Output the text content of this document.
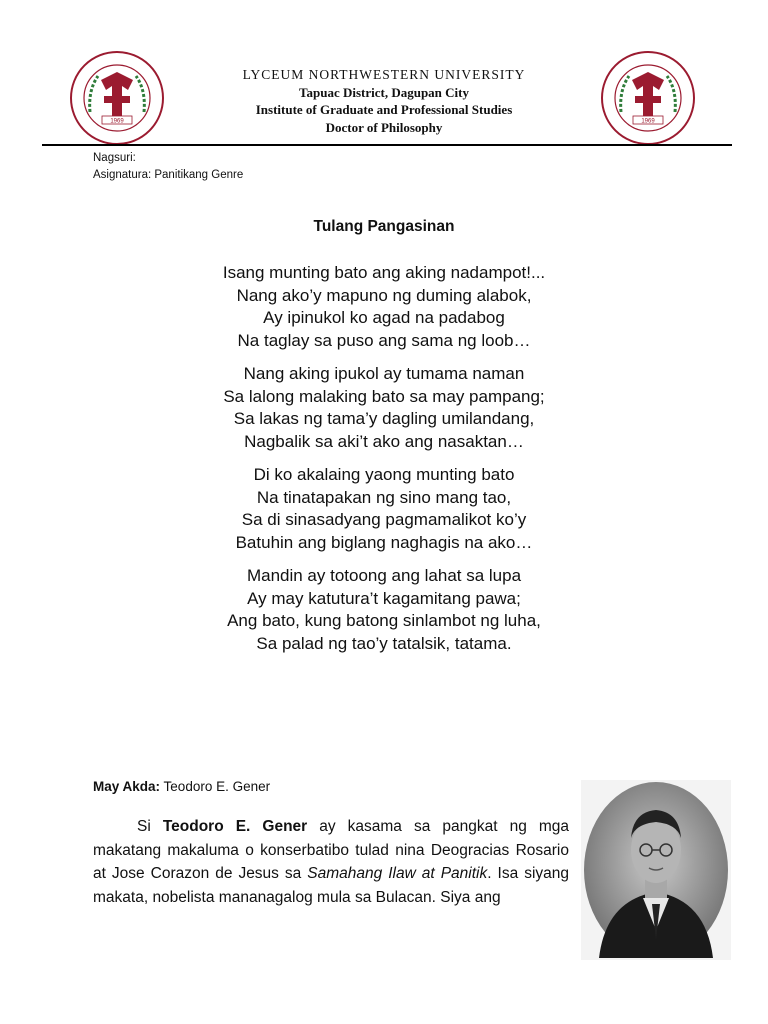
1969	1969
LYCEUM NORTHWESTERN UNIVERSITY
Tapuac District, Dagupan City
Institute of Graduate and Professional Studies
Doctor of Philosophy
Nagsuri:
Asignatura: Panitikang Genre
Tulang Pangasinan
Isang munting bato ang aking nadampot!...
Nang ako’y mapuno ng duming alabok,
Ay ipinukol ko agad na padabog
Na taglay sa puso ang sama ng loob…
Nang aking ipukol ay tumama naman
Sa lalong malaking bato sa may pampang;
Sa lakas ng tama’y dagling umilandang,
Nagbalik sa aki’t ako ang nasaktan…
Di ko akalaing yaong munting bato
Na tinatapakan ng sino mang tao,
Sa di sinasadyang pagmamalikot ko’y
Batuhin ang biglang naghagis na ako…
Mandin ay totoong ang lahat sa lupa
Ay may katutura’t kagamitang pawa;
Ang bato, kung batong sinlambot ng luha,
Sa palad ng tao’y tatalsik, tatama.
May Akda: Teodoro E. Gener
Si Teodoro E. Gener ay kasama sa pangkat ng mga makatang makaluma o konserbatibo tulad nina Deogracias Rosario at Jose Corazon de Jesus sa Samahang Ilaw at Panitik. Isa siyang makata, nobelista mananagalog mula sa Bulacan. Siya ang
